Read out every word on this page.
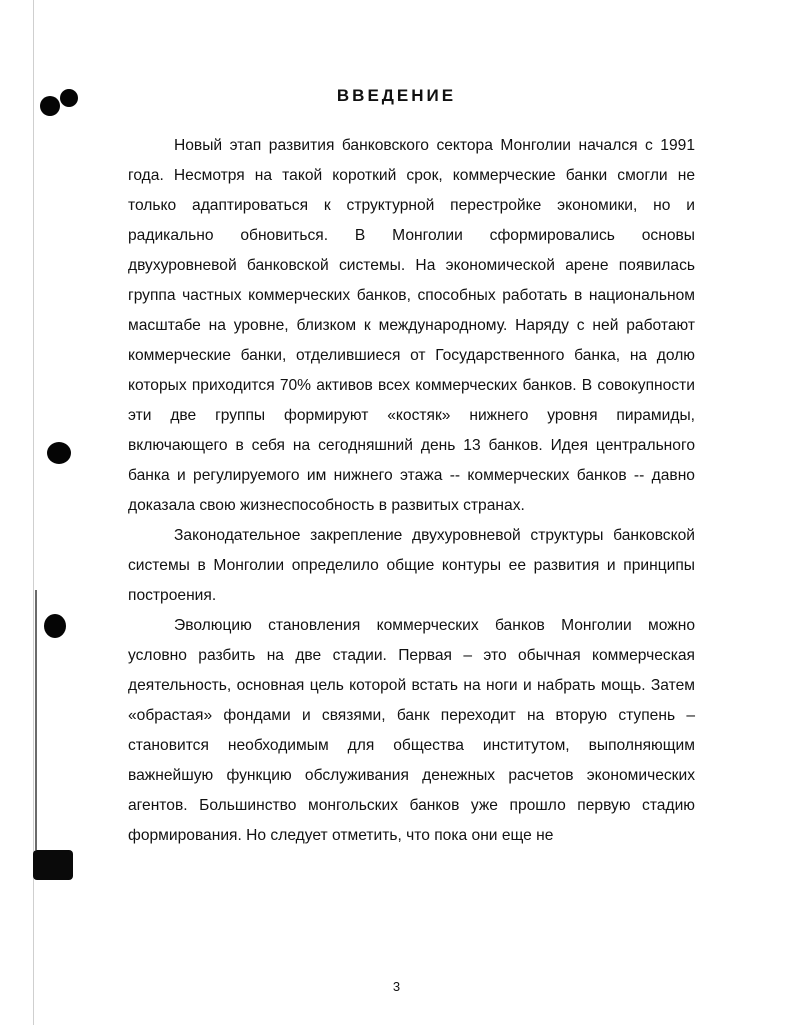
ВВЕДЕНИЕ

Новый этап развития банковского сектора Монголии начался с 1991 года. Несмотря на такой короткий срок, коммерческие банки смогли не только адаптироваться к структурной перестройке экономики, но и радикально обновиться. В Монголии сформировались основы двухуровневой банковской системы. На экономической арене появилась группа частных коммерческих банков, способных работать в национальном масштабе на уровне, близком к международному. Наряду с ней работают коммерческие банки, отделившиеся от Государственного банка, на долю которых приходится 70% активов всех коммерческих банков. В совокупности эти две группы формируют «костяк» нижнего уровня пирамиды, включающего в себя на сегодняшний день 13 банков. Идея центрального банка и регулируемого им нижнего этажа -- коммерческих банков -- давно доказала свою жизнеспособность в развитых странах.

Законодательное закрепление двухуровневой структуры банковской системы в Монголии определило общие контуры ее развития и принципы построения.

Эволюцию становления коммерческих банков Монголии можно условно разбить на две стадии. Первая – это обычная коммерческая деятельность, основная цель которой встать на ноги и набрать мощь. Затем «обрастая» фондами и связями, банк переходит на вторую ступень – становится необходимым для общества институтом, выполняющим важнейшую функцию обслуживания денежных расчетов экономических агентов. Большинство монгольских банков уже прошло первую стадию формирования. Но следует отметить, что пока они еще не

3
